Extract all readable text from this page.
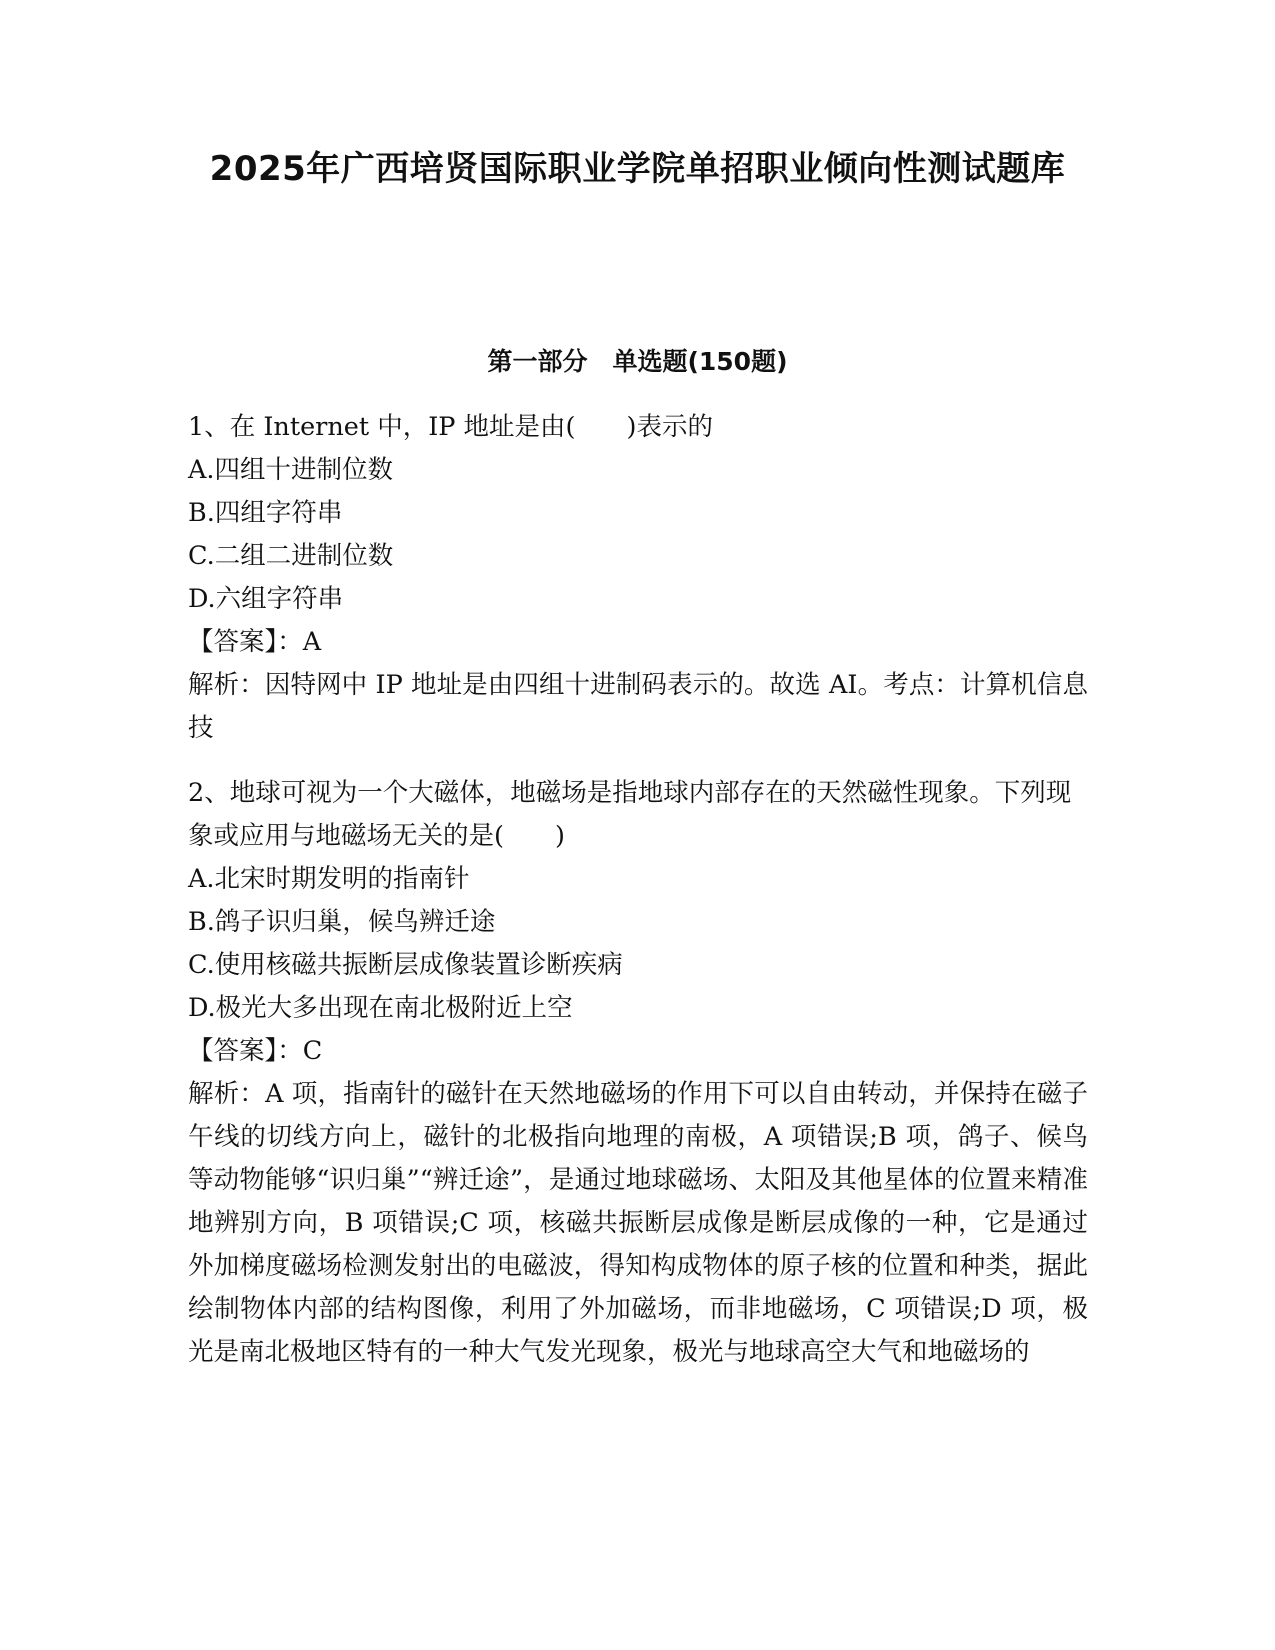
2025年广西培贤国际职业学院单招职业倾向性测试题库
第一部分　单选题(150题)

1、在 Internet 中，IP 地址是由(　　)表示的

A.四组十进制位数

B.四组字符串

C.二组二进制位数

D.六组字符串

【答案】：A

解析：因特网中 IP 地址是由四组十进制码表示的。故选 AI。考点：计算机信息技

2、地球可视为一个大磁体，地磁场是指地球内部存在的天然磁性现象。下列现象或应用与地磁场无关的是(　　)

A.北宋时期发明的指南针

B.鸽子识归巢，候鸟辨迁途

C.使用核磁共振断层成像装置诊断疾病

D.极光大多出现在南北极附近上空

【答案】：C

解析：A 项，指南针的磁针在天然地磁场的作用下可以自由转动，并保持在磁子午线的切线方向上，磁针的北极指向地理的南极，A 项错误;B 项，鸽子、候鸟等动物能够“识归巢”“辨迁途”，是通过地球磁场、太阳及其他星体的位置来精准地辨别方向，B 项错误;C 项，核磁共振断层成像是断层成像的一种，它是通过外加梯度磁场检测发射出的电磁波，得知构成物体的原子核的位置和种类，据此绘制物体内部的结构图像，利用了外加磁场，而非地磁场，C 项错误;D 项，极光是南北极地区特有的一种大气发光现象，极光与地球高空大气和地磁场的
